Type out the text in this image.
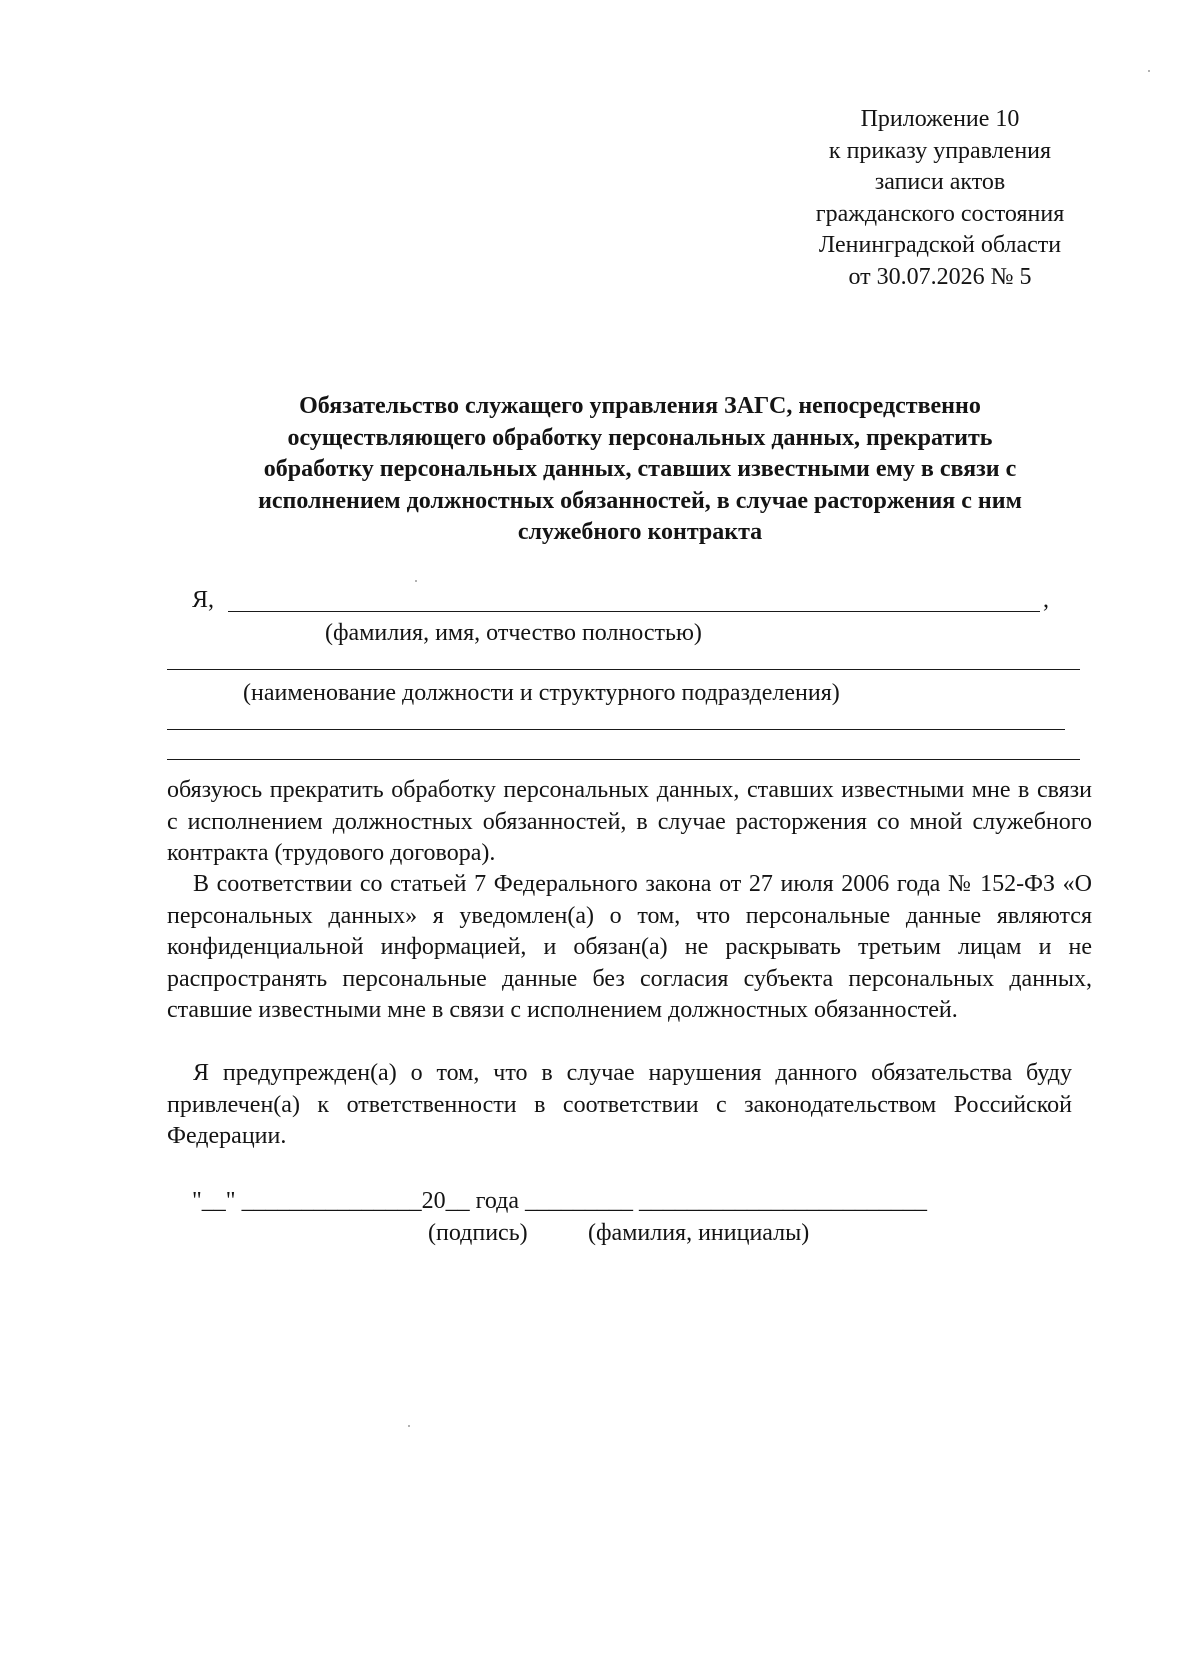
Приложение 10
к приказу управления
записи актов
гражданского состояния
Ленинградской области
от 30.07.2026 № 5
Обязательство служащего управления ЗАГС, непосредственно
осуществляющего обработку персональных данных, прекратить
обработку персональных данных, ставших известными ему в связи с
исполнением должностных обязанностей, в случае расторжения с ним
служебного контракта
Я,	,
(фамилия, имя, отчество полностью)
(наименование должности и структурного подразделения)
обязуюсь прекратить обработку персональных данных, ставших известными мне в связи с исполнением должностных обязанностей, в случае расторжения со мной служебного контракта (трудового договора).
В соответствии со статьей 7 Федерального закона от 27 июля 2006 года № 152-ФЗ «О персональных данных» я уведомлен(а) о том, что персональные данные являются конфиденциальной информацией, и обязан(а) не раскрывать третьим лицам и не распространять персональные данные без согласия субъекта персональных данных, ставшие известными мне в связи с исполнением должностных обязанностей.
Я предупрежден(а) о том, что в случае нарушения данного обязательства буду привлечен(а) к ответственности в соответствии с законодательством Российской Федерации.
"__" _______________20__ года _________ ________________________
(подпись)	(фамилия, инициалы)
